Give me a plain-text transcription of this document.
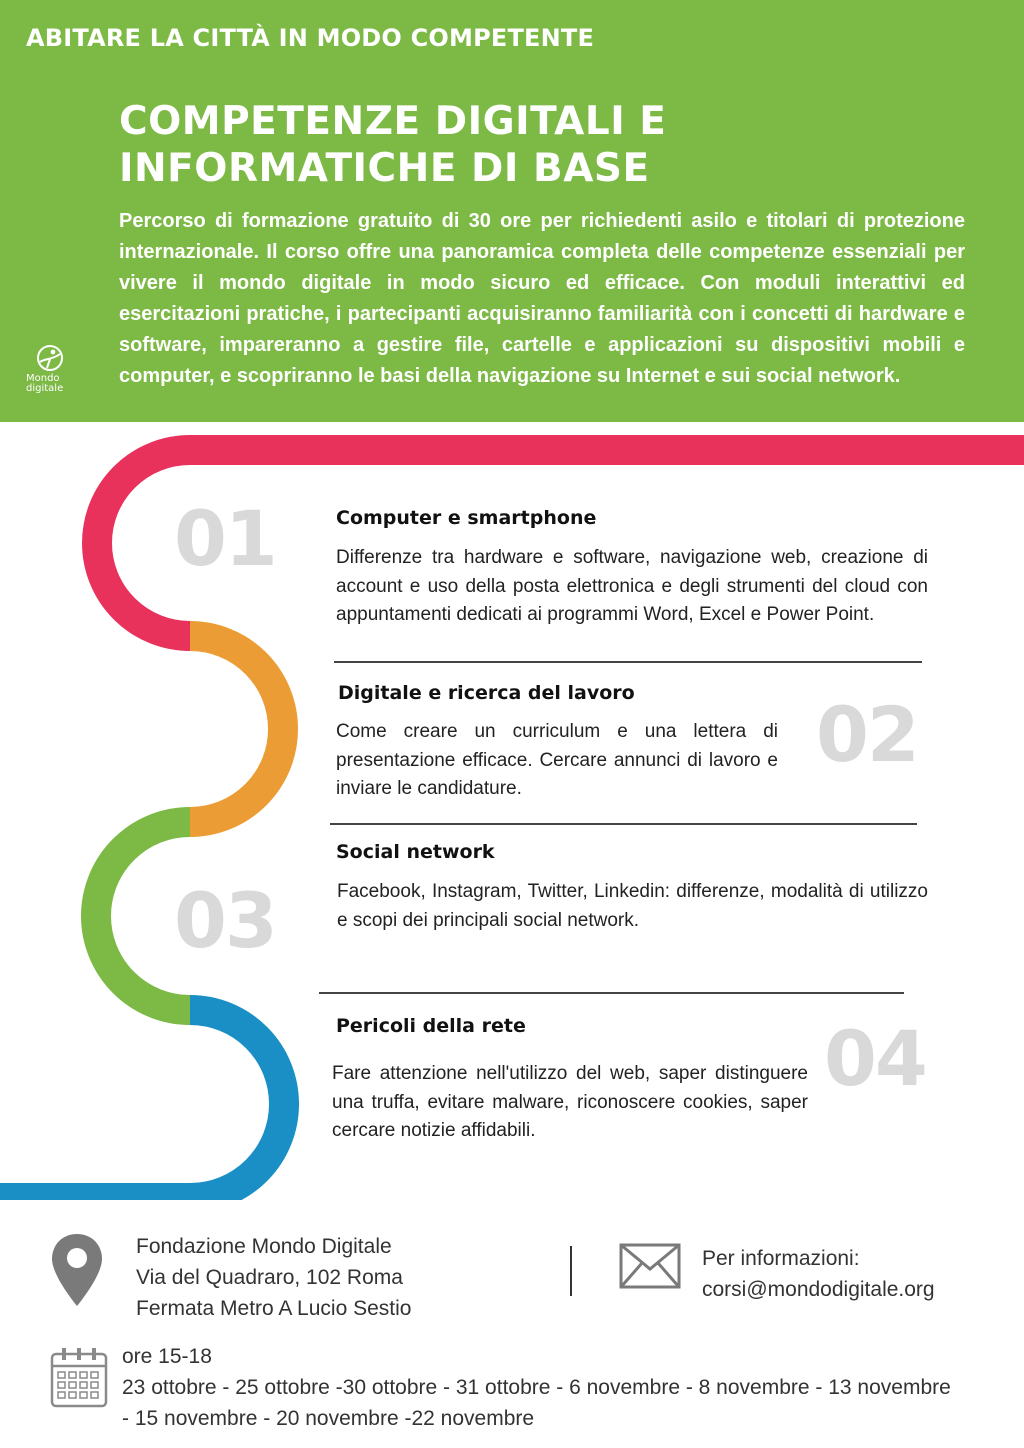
ABITARE LA CITTÀ IN MODO COMPETENTE
COMPETENZE DIGITALI E
INFORMATICHE DI BASE
Percorso di formazione gratuito di 30 ore per richiedenti asilo e titolari di protezione internazionale. Il corso offre una panoramica completa delle competenze essenziali per vivere il mondo digitale in modo sicuro ed efficace. Con moduli interattivi ed esercitazioni pratiche, i partecipanti acquisiranno familiarità con i concetti di hardware e software, impareranno a gestire file, cartelle e applicazioni su dispositivi mobili e computer, e scopriranno le basi della navigazione su Internet e sui social network.
Mondo
digitale
01	Computer e smartphone
Differenze tra hardware e software, navigazione web, creazione di account e uso della posta elettronica e degli strumenti del cloud con appuntamenti dedicati ai programmi Word, Excel e Power Point.
Digitale e ricerca del lavoro
Come creare un curriculum e una lettera di presentazione efficace. Cercare annunci di lavoro e inviare le candidature.
02
Social network
Facebook, Instagram, Twitter, Linkedin: differenze, modalità di utilizzo e scopi dei principali social network.
03
Pericoli della rete
Fare attenzione nell'utilizzo del web, saper distinguere una truffa, evitare malware, riconoscere cookies, saper cercare notizie affidabili.
04
Fondazione Mondo Digitale
Via del Quadraro, 102 Roma
Fermata Metro A Lucio Sestio
Per informazioni:
corsi@mondodigitale.org
ore 15-18
23 ottobre - 25 ottobre -30 ottobre - 31 ottobre - 6 novembre - 8 novembre - 13 novembre
- 15 novembre - 20 novembre -22 novembre
